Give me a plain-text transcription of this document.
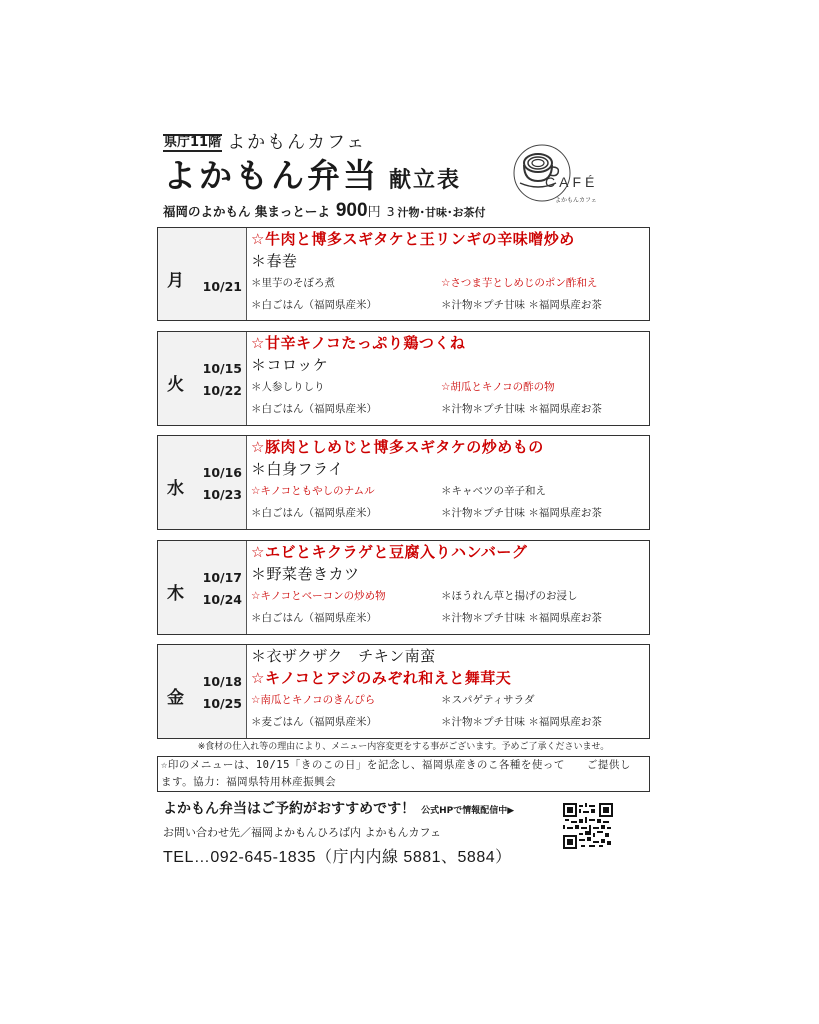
県庁11階 よかもんカフェ
よかもん弁当 献立表
福岡のよかもん 集まっとーよ 900円 3 汁物･甘味･お茶付
CAFÉ
よかもんカフェ
月 10/21
☆牛肉と博多スギタケと王リンギの辛味噌炒め
＊春巻
＊里芋のそぼろ煮	☆さつま芋としめじのポン酢和え
＊白ごはん（福岡県産米）	＊汁物＊プチ甘味 ＊福岡県産お茶
火
10/15
10/22
☆甘辛キノコたっぷり鶏つくね
＊コロッケ
＊人参しりしり	☆胡瓜とキノコの酢の物
＊白ごはん（福岡県産米）	＊汁物＊プチ甘味 ＊福岡県産お茶
水
10/16
10/23
☆豚肉としめじと博多スギタケの炒めもの
＊白身フライ
☆キノコともやしのナムル	＊キャベツの辛子和え
＊白ごはん（福岡県産米）	＊汁物＊プチ甘味 ＊福岡県産お茶
木
10/17
10/24
☆エビとキクラゲと豆腐入りハンバーグ
＊野菜巻きカツ
☆キノコとベーコンの炒め物	＊ほうれん草と揚げのお浸し
＊白ごはん（福岡県産米）	＊汁物＊プチ甘味 ＊福岡県産お茶
金
10/18
10/25
＊衣ザクザク　チキン南蛮
☆キノコとアジのみぞれ和えと舞茸天
☆南瓜とキノコのきんぴら	＊スパゲティサラダ
＊麦ごはん（福岡県産米）	＊汁物＊プチ甘味 ＊福岡県産お茶
※食材の仕入れ等の理由により、メニュー内容変更をする事がございます。予めご了承くださいませ。
☆印のメニューは、10/15「きのこの日」を記念し、福岡県産きのこ各種を使って　　ご提供し
ます。協力：福岡県特用林産振興会
よかもん弁当はご予約がおすすめです！ 公式HPで情報配信中▶
お問い合わせ先／福岡よかもんひろば内 よかもんカフェ
TEL…092-645-1835（庁内内線 5881、5884）
